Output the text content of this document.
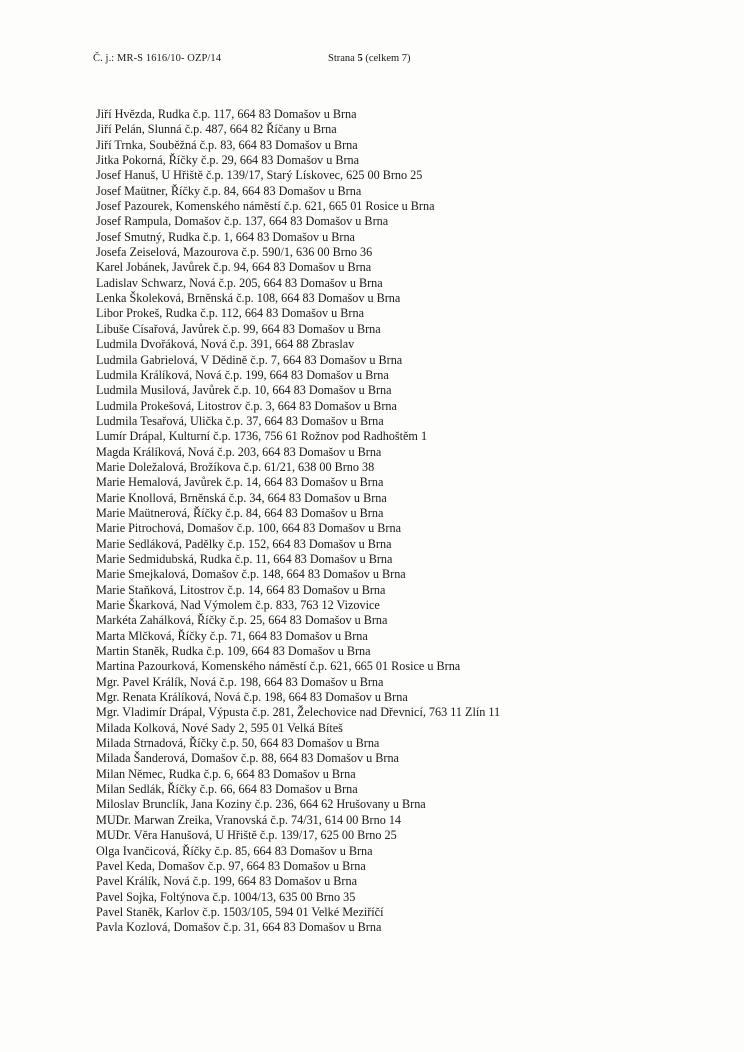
Č. j.: MR-S 1616/10- OZP/14	Strana 5 (celkem 7)
Jiří Hvězda, Rudka č.p. 117, 664 83 Domašov u Brna
Jiří Pelán, Slunná č.p. 487, 664 82 Říčany u Brna
Jiří Trnka, Souběžná č.p. 83, 664 83 Domašov u Brna
Jitka Pokorná, Říčky č.p. 29, 664 83 Domašov u Brna
Josef Hanuš, U Hřiště č.p. 139/17, Starý Lískovec, 625 00 Brno 25
Josef Maütner, Říčky č.p. 84, 664 83 Domašov u Brna
Josef Pazourek, Komenského náměstí č.p. 621, 665 01 Rosice u Brna
Josef Rampula, Domašov č.p. 137, 664 83 Domašov u Brna
Josef Smutný, Rudka č.p. 1, 664 83 Domašov u Brna
Josefa Zeiselová, Mazourova č.p. 590/1, 636 00 Brno 36
Karel Jobánek, Javůrek č.p. 94, 664 83 Domašov u Brna
Ladislav Schwarz, Nová č.p. 205, 664 83 Domašov u Brna
Lenka Školeková, Brněnská č.p. 108, 664 83 Domašov u Brna
Libor Prokeš, Rudka č.p. 112, 664 83 Domašov u Brna
Libuše Císařová, Javůrek č.p. 99, 664 83 Domašov u Brna
Ludmila Dvořáková, Nová č.p. 391, 664 88 Zbraslav
Ludmila Gabrielová, V Dědině č.p. 7, 664 83 Domašov u Brna
Ludmila Králíková, Nová č.p. 199, 664 83 Domašov u Brna
Ludmila Musilová, Javůrek č.p. 10, 664 83 Domašov u Brna
Ludmila Prokešová, Litostrov č.p. 3, 664 83 Domašov u Brna
Ludmila Tesařová, Ulička č.p. 37, 664 83 Domašov u Brna
Lumír Drápal, Kulturní č.p. 1736, 756 61 Rožnov pod Radhoštěm 1
Magda Králíková, Nová č.p. 203, 664 83 Domašov u Brna
Marie Doležalová, Brožíkova č.p. 61/21, 638 00 Brno 38
Marie Hemalová, Javůrek č.p. 14, 664 83 Domašov u Brna
Marie Knollová, Brněnská č.p. 34, 664 83 Domašov u Brna
Marie Maütnerová, Říčky č.p. 84, 664 83 Domašov u Brna
Marie Pitrochová, Domašov č.p. 100, 664 83 Domašov u Brna
Marie Sedláková, Padělky č.p. 152, 664 83 Domašov u Brna
Marie Sedmidubská, Rudka č.p. 11, 664 83 Domašov u Brna
Marie Smejkalová, Domašov č.p. 148, 664 83 Domašov u Brna
Marie Staňková, Litostrov č.p. 14, 664 83 Domašov u Brna
Marie Škarková, Nad Výmolem č.p. 833, 763 12 Vizovice
Markéta Zahálková, Říčky č.p. 25, 664 83 Domašov u Brna
Marta Mlčková, Říčky č.p. 71, 664 83 Domašov u Brna
Martin Staněk, Rudka č.p. 109, 664 83 Domašov u Brna
Martina Pazourková, Komenského náměstí č.p. 621, 665 01 Rosice u Brna
Mgr. Pavel Králík, Nová č.p. 198, 664 83 Domašov u Brna
Mgr. Renata Králíková, Nová č.p. 198, 664 83 Domašov u Brna
Mgr. Vladimír Drápal, Výpusta č.p. 281, Želechovice nad Dřevnicí, 763 11 Zlín 11
Milada Kolková, Nové Sady 2, 595 01 Velká Bíteš
Milada Strnadová, Říčky č.p. 50, 664 83 Domašov u Brna
Milada Šanderová, Domašov č.p. 88, 664 83 Domašov u Brna
Milan Němec, Rudka č.p. 6, 664 83 Domašov u Brna
Milan Sedlák, Říčky č.p. 66, 664 83 Domašov u Brna
Miloslav Brunclík, Jana Koziny č.p. 236, 664 62 Hrušovany u Brna
MUDr. Marwan Zreika, Vranovská č.p. 74/31, 614 00 Brno 14
MUDr. Věra Hanušová, U Hřiště č.p. 139/17, 625 00 Brno 25
Olga Ivančicová, Říčky č.p. 85, 664 83 Domašov u Brna
Pavel Keda, Domašov č.p. 97, 664 83 Domašov u Brna
Pavel Králík, Nová č.p. 199, 664 83 Domašov u Brna
Pavel Sojka, Foltýnova č.p. 1004/13, 635 00 Brno 35
Pavel Staněk, Karlov č.p. 1503/105, 594 01 Velké Meziříčí
Pavla Kozlová, Domašov č.p. 31, 664 83 Domašov u Brna
